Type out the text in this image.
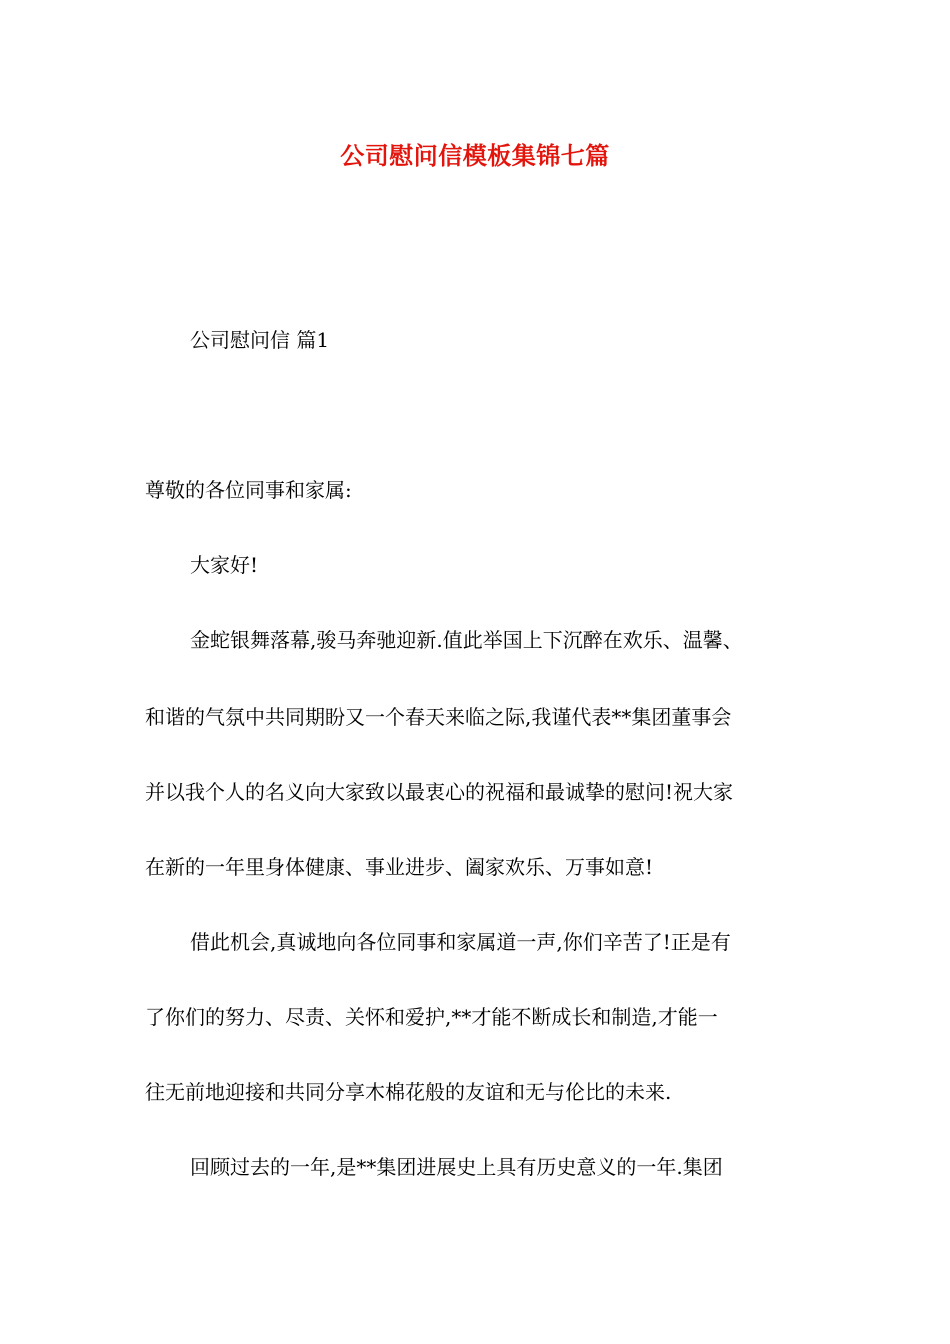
公司慰问信模板集锦七篇
公司慰问信 篇1
尊敬的各位同事和家属:
大家好!
金蛇银舞落幕,骏马奔驰迎新.值此举国上下沉醉在欢乐、温馨、
和谐的气氛中共同期盼又一个春天来临之际,我谨代表**集团董事会
并以我个人的名义向大家致以最衷心的祝福和最诚挚的慰问!祝大家
在新的一年里身体健康、事业进步、阖家欢乐、万事如意!
借此机会,真诚地向各位同事和家属道一声,你们辛苦了!正是有
了你们的努力、尽责、关怀和爱护,**才能不断成长和制造,才能一
往无前地迎接和共同分享木棉花般的友谊和无与伦比的未来.
回顾过去的一年,是**集团进展史上具有历史意义的一年.集团
